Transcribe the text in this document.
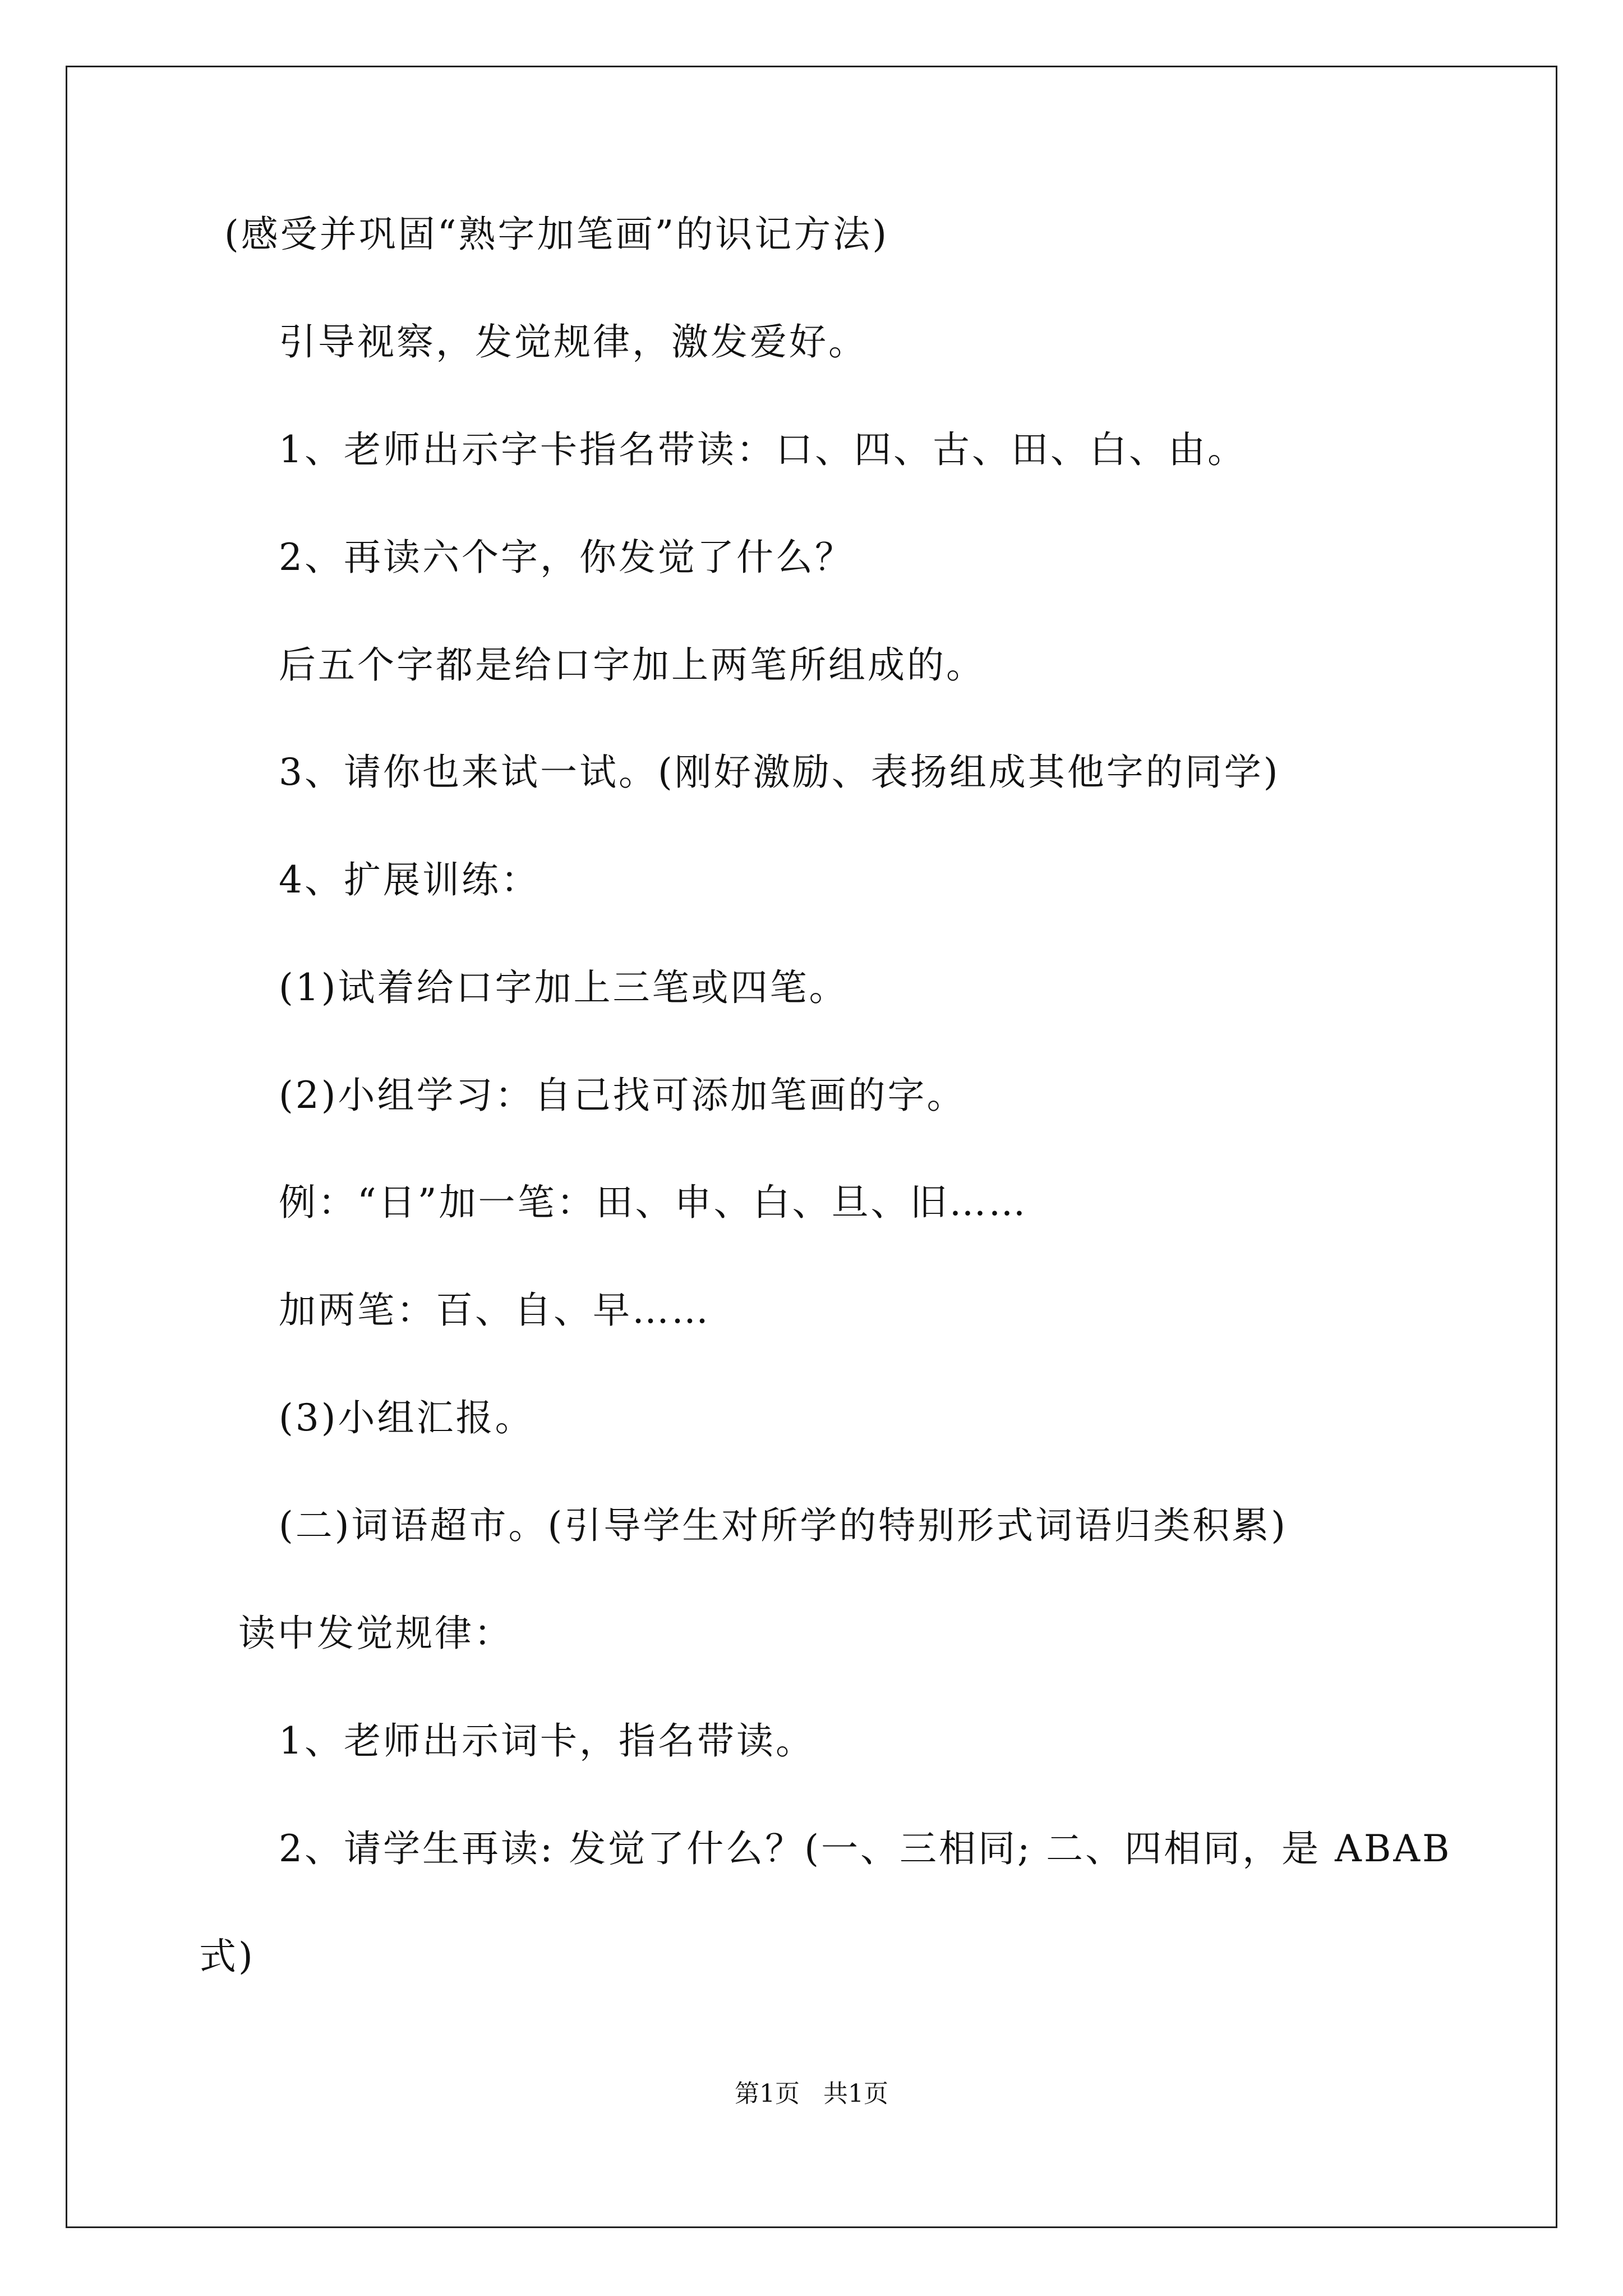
(感受并巩固“熟字加笔画”的识记方法)
引导视察，发觉规律，激发爱好。
1、老师出示字卡指名带读：口、四、古、田、白、由。
2、再读六个字，你发觉了什么？
后五个字都是给口字加上两笔所组成的。
3、请你也来试一试。(刚好激励、表扬组成其他字的同学)
4、扩展训练：
(1)试着给口字加上三笔或四笔。
(2)小组学习：自己找可添加笔画的字。
例：“日”加一笔：田、申、白、旦、旧……
加两笔：百、自、早……
(3)小组汇报。
(二)词语超市。(引导学生对所学的特别形式词语归类积累)
读中发觉规律：
1、老师出示词卡，指名带读。
2、请学生再读: 发觉了什么？(一、三相同; 二、四相同，是 ABAB
式)
第1页   共1页
